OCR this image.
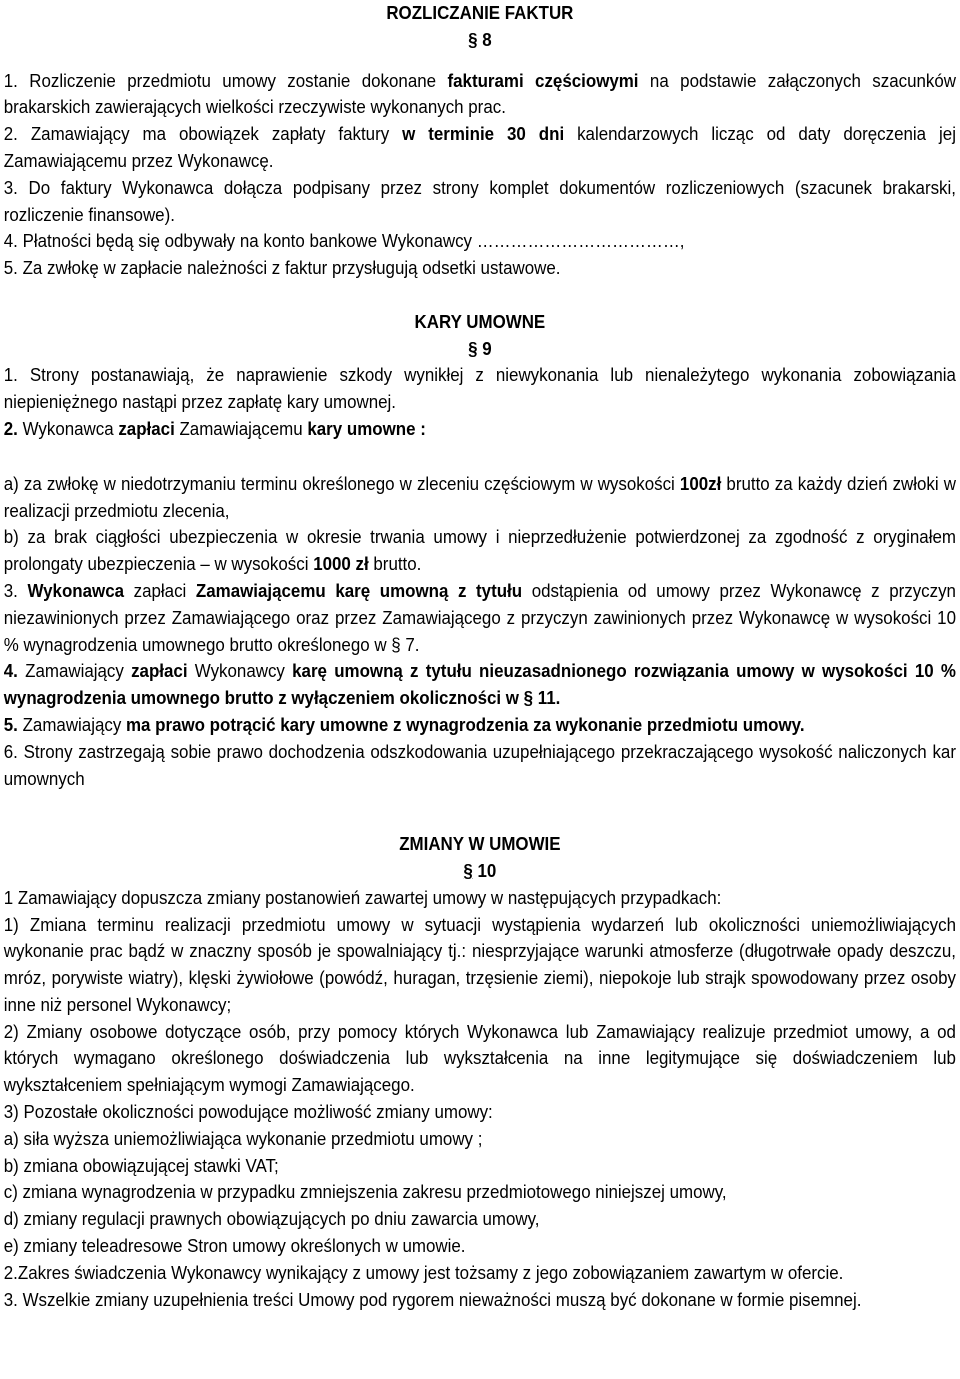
ROZLICZANIE FAKTUR

§ 8

1. Rozliczenie przedmiotu umowy zostanie dokonane fakturami częściowymi na podstawie załączonych szacunków brakarskich zawierających wielkości rzeczywiste wykonanych prac.

2. Zamawiający ma obowiązek zapłaty faktury w terminie 30 dni kalendarzowych licząc od daty doręczenia jej Zamawiającemu przez Wykonawcę.

3. Do faktury Wykonawca dołącza podpisany przez strony komplet dokumentów rozliczeniowych (szacunek brakarski, rozliczenie finansowe).

4. Płatności będą się odbywały na konto bankowe Wykonawcy ………………………………,

5. Za zwłokę w zapłacie należności z faktur przysługują odsetki ustawowe.

KARY UMOWNE

§ 9

1. Strony postanawiają, że naprawienie szkody wynikłej z niewykonania lub nienależytego wykonania zobowiązania niepieniężnego nastąpi przez zapłatę kary umownej.

2. Wykonawca zapłaci Zamawiającemu kary umowne :

a) za zwłokę w niedotrzymaniu terminu określonego w zleceniu częściowym w wysokości 100zł brutto za każdy dzień zwłoki w realizacji przedmiotu zlecenia,

b) za brak ciągłości ubezpieczenia w okresie trwania umowy i nieprzedłużenie potwierdzonej za zgodność z oryginałem prolongaty ubezpieczenia – w wysokości 1000 zł brutto.

3. Wykonawca zapłaci Zamawiającemu karę umowną z tytułu odstąpienia od umowy przez Wykonawcę z przyczyn niezawinionych przez Zamawiającego oraz przez Zamawiającego z przyczyn zawinionych przez Wykonawcę w wysokości 10 % wynagrodzenia umownego brutto określonego w § 7.

4. Zamawiający zapłaci Wykonawcy karę umowną z tytułu nieuzasadnionego rozwiązania umowy w wysokości 10 % wynagrodzenia umownego brutto z wyłączeniem okoliczności w § 11.

5. Zamawiający ma prawo potrącić kary umowne z wynagrodzenia za wykonanie przedmiotu umowy.

6. Strony zastrzegają sobie prawo dochodzenia odszkodowania uzupełniającego przekraczającego wysokość naliczonych kar umownych

ZMIANY W UMOWIE

§ 10

1 Zamawiający dopuszcza zmiany postanowień zawartej umowy w następujących przypadkach:

1) Zmiana terminu realizacji przedmiotu umowy w sytuacji wystąpienia wydarzeń lub okoliczności uniemożliwiających wykonanie prac bądź w znaczny sposób je spowalniający tj.: niesprzyjające warunki atmosferze (długotrwałe opady deszczu, mróz, porywiste wiatry), klęski żywiołowe (powódź, huragan, trzęsienie ziemi), niepokoje lub strajk spowodowany przez osoby inne niż personel Wykonawcy;

2) Zmiany osobowe dotyczące osób, przy pomocy których Wykonawca lub Zamawiający realizuje przedmiot umowy, a od których wymagano określonego doświadczenia lub wykształcenia na inne legitymujące się doświadczeniem lub wykształceniem spełniającym wymogi Zamawiającego.

3) Pozostałe okoliczności powodujące możliwość zmiany umowy:

a) siła wyższa uniemożliwiająca wykonanie przedmiotu umowy ;

b) zmiana obowiązującej stawki VAT;

c) zmiana wynagrodzenia w przypadku zmniejszenia zakresu przedmiotowego niniejszej umowy,

d) zmiany regulacji prawnych obowiązujących po dniu zawarcia umowy,

e) zmiany teleadresowe Stron umowy określonych w umowie.

2.Zakres świadczenia Wykonawcy wynikający z umowy jest tożsamy z jego zobowiązaniem zawartym w ofercie.

3. Wszelkie zmiany uzupełnienia treści Umowy pod rygorem nieważności muszą być dokonane w formie pisemnej.
